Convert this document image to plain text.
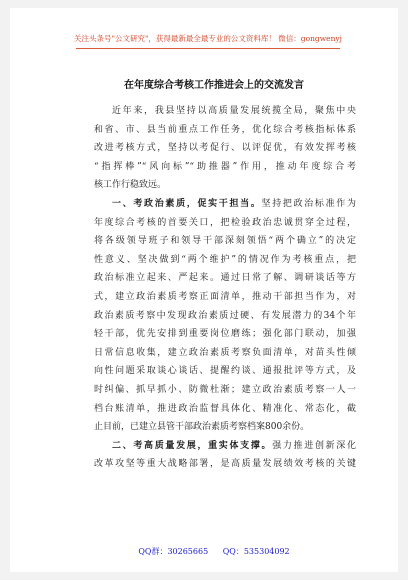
关注头条号"公文研究"，获得最新最全最专业的公文资料库！ 微信：gongwenyj
在年度综合考核工作推进会上的交流发言
近年来，我县坚持以高质量发展统揽全局，聚焦中央
和省、市、县当前重点工作任务，优化综合考核指标体系
改进考核方式，坚持以考促行、以评促优，有效发挥考核
“指挥棒”“风向标”“助推器”作用，推动年度综合考
核工作行稳致远。
一、考政治素质，促实干担当。坚持把政治标准作为
年度综合考核的首要关口，把检验政治忠诚贯穿全过程，
将各级领导班子和领导干部深刻领悟“两个确立”的决定
性意义、坚决做到“两个维护”的情况作为考核重点，把
政治标准立起来、严起来。通过日常了解、调研谈话等方
式，建立政治素质考察正面清单，推动干部担当作为，对
政治素质考察中发现政治素质过硬、有发展潜力的34个年
轻干部，优先安排到重要岗位磨练；强化部门联动，加强
日常信息收集，建立政治素质考察负面清单，对苗头性倾
向性问题采取谈心谈话、提醒约谈、通报批评等方式，及
时纠偏、抓早抓小、防微杜渐；建立政治素质考察一人一
档台账清单，推进政治监督具体化、精准化、常态化，截
止目前，已建立县管干部政治素质考察档案800余份。
二、考高质量发展，重实体支撑。强力推进创新深化
改革攻坚等重大战略部署，是高质量发展绩效考核的关键
QQ群：30265665 QQ：535304092
